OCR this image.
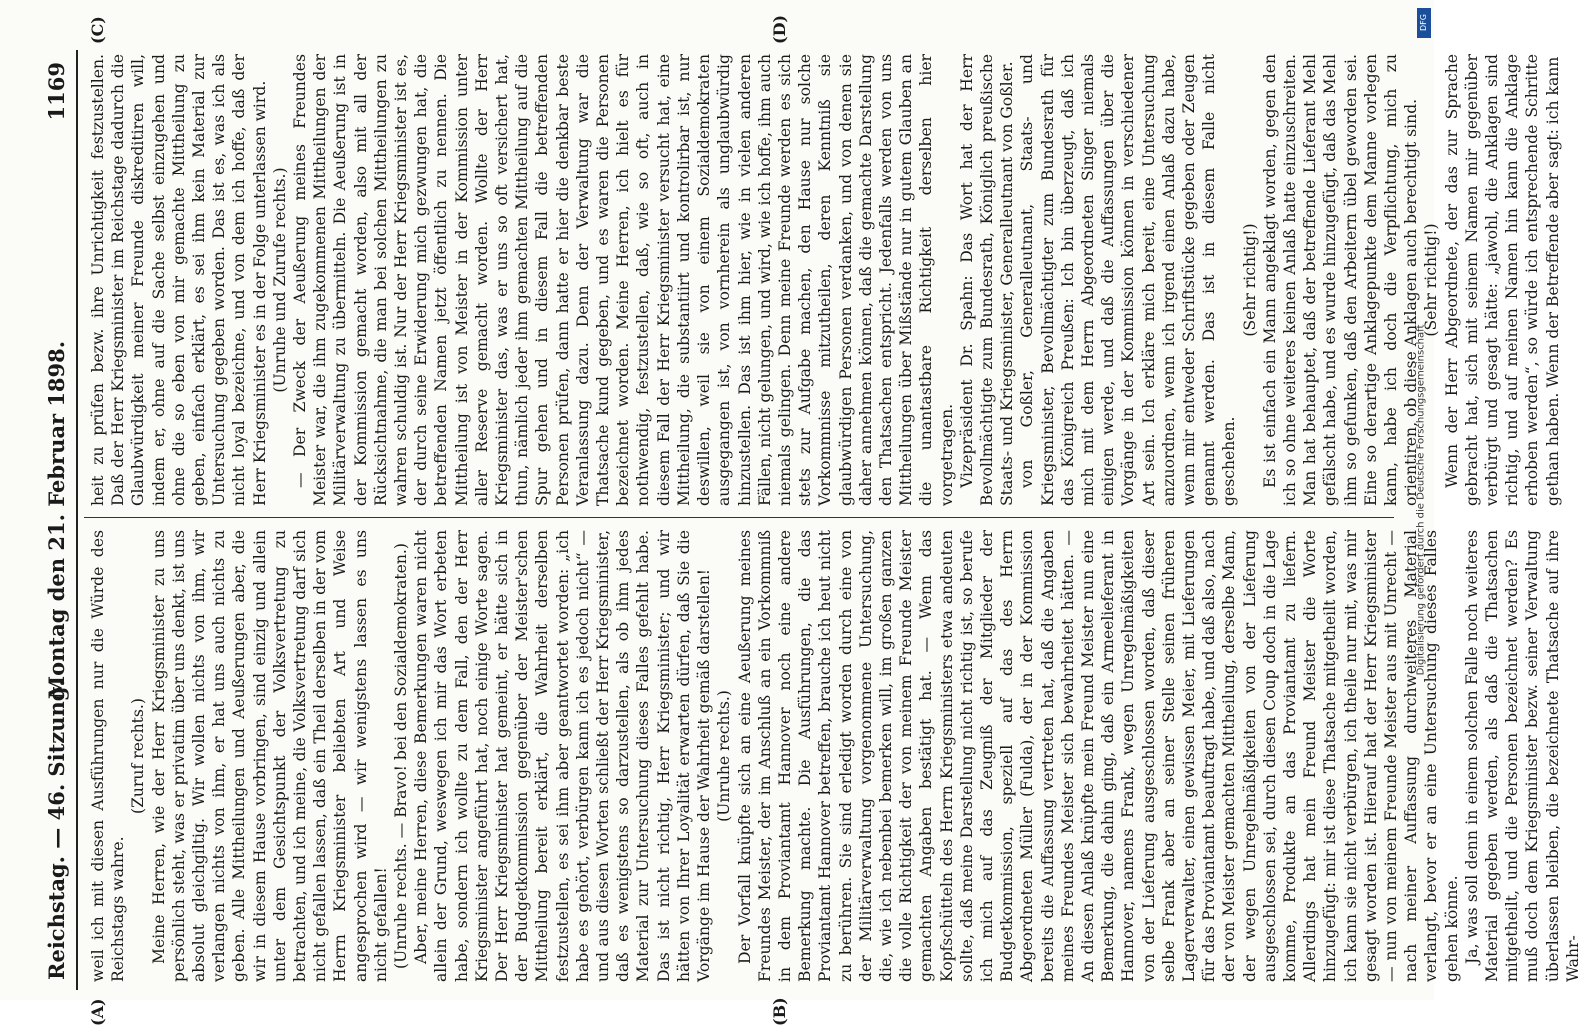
Reichstag. — 46. Sitzung.
Montag den 21. Februar 1898.
1169

weil ich mit diesen Ausführungen nur die Würde des Reichstags wahre.

(Zuruf rechts.) Meine Herren, wie der Herr Kriegsminister zu uns persönlich steht, was er privatim über uns denkt, ist uns absolut gleichgiltig. Wir wollen nichts von ihm, wir verlangen nichts von ihm, er hat uns auch nichts zu geben. Alle Mittheilungen und Aeußerungen aber, die wir in diesem Hause vorbringen, sind einzig und allein unter dem Gesichtspunkt der Volksvertretung zu betrachten, und ich meine, die Volksvertretung darf sich nicht gefallen lassen, daß ein Theil derselben in der vom Herrn Kriegsminister beliebten Art und Weise angesprochen wird — wir wenigstens lassen es uns nicht gefallen! (Unruhe rechts. — Bravo! bei den Sozialdemokraten.) Aber, meine Herren, diese Bemerkungen waren nicht allein der Grund, weswegen ich mir das Wort erbeten habe, sondern ich wollte zu dem Fall, den der Herr Kriegsminister angeführt hat, noch einige Worte sagen. Der Herr Kriegsminister hat gemeint, er hätte sich in der Budgetkommission gegenüber der Meister'schen Mittheilung bereit erklärt, die Wahrheit derselben festzustellen, es sei ihm aber geantwortet worden: „ich habe es gehört, verbürgen kann ich es jedoch nicht“ — und aus diesen Worten schließt der Herr Kriegsminister, daß es wenigstens so darzustellen, als ob ihm jedes Material zur Untersuchung dieses Falles gefehlt habe. Das ist nicht richtig, Herr Kriegsminister; und wir hätten von Ihrer Loyalität erwarten dürfen, daß Sie die Vorgänge im Hause der Wahrheit gemäß darstellen! (Unruhe rechts.) Der Vorfall knüpfte sich an eine Aeußerung meines Freundes Meister, der im Anschluß an ein Vorkommniß in dem Proviantamt Hannover noch eine andere Bemerkung machte. Die Ausführungen, die das Proviantamt Hannover betreffen, brauche ich heut nicht zu berühren. Sie sind erledigt worden durch eine von der Militärverwaltung vorgenommene Untersuchung, die, wie ich nebenbei bemerken will, im großen ganzen die volle Richtigkeit der von meinem Freunde Meister gemachten Angaben bestätigt hat. — Wenn das Kopfschütteln des Herrn Kriegsministers etwa andeuten sollte, daß meine Darstellung nicht richtig ist, so berufe ich mich auf das Zeugniß der Mitglieder der Budgetkommission, speziell auf das des Herrn Abgeordneten Müller (Fulda), der in der Kommission bereits die Auffassung vertreten hat, daß die Angaben meines Freundes Meister sich bewahrheitet hätten. — An diesen Anlaß knüpfte mein Freund Meister nun eine Bemerkung, die dahin ging, daß ein Armeelieferant in Hannover, namens Frank, wegen Unregelmäßigkeiten von der Lieferung ausgeschlossen worden, daß dieser selbe Frank aber an seiner Stelle seinen früheren Lagerverwalter, einen gewissen Meier, mit Lieferungen für das Proviantamt beauftragt habe, und daß also, nach der von Meister gemachten Mittheilung, derselbe Mann, der wegen Unregelmäßigkeiten von der Lieferung ausgeschlossen sei, durch diesen Coup doch in die Lage komme, Produkte an das Proviantamt zu liefern. Allerdings hat mein Freund Meister die Worte hinzugefügt: mir ist diese Thatsache mitgetheilt worden, ich kann sie nicht verbürgen, ich theile nur mit, was mir gesagt worden ist. Hierauf hat der Herr Kriegsminister — nun von meinem Freunde Meister aus mit Unrecht — nach meiner Auffassung durchweiteres Material verlangt, bevor er an eine Untersuchung dieses Falles gehen könne. Ja, was soll denn in einem solchen Falle noch weiteres Material gegeben werden, als daß die Thatsachen mitgetheilt, und die Personen bezeichnet werden? Es muß doch dem Kriegsminister bezw. seiner Verwaltung überlassen bleiben, die bezeichnete Thatsache auf ihre Wahr-

heit zu prüfen bezw. ihre Unrichtigkeit festzustellen. Daß der Herr Kriegsminister im Reichstage dadurch die Glaubwürdigkeit meiner Freunde diskreditiren will, indem er, ohne auf die Sache selbst einzugehen und ohne die so eben von mir gemachte Mittheilung zu geben, einfach erklärt, es sei ihm kein Material zur Untersuchung gegeben worden. Das ist es, was ich als nicht loyal bezeichne, und von dem ich hoffe, daß der Herr Kriegsminister es in der Folge unterlassen wird. (Unruhe und Zurufe rechts.) — Der Zweck der Aeußerung meines Freundes Meister war, die ihm zugekommenen Mittheilungen der Militärverwaltung zu übermitteln. Die Aeußerung ist in der Kommission gemacht worden, also mit all der Rücksichtnahme, die man bei solchen Mittheilungen zu wahren schuldig ist. Nur der Herr Kriegsminister ist es, der durch seine Erwiderung mich gezwungen hat, die betreffenden Namen jetzt öffentlich zu nennen. Die Mittheilung ist von Meister in der Kommission unter aller Reserve gemacht worden. Wollte der Herr Kriegsminister das, was er uns so oft versichert hat, thun, nämlich jeder ihm gemachten Mittheilung auf die Spur gehen und in diesem Fall die betreffenden Personen prüfen, dann hatte er hier die denkbar beste Veranlassung dazu. Denn der Verwaltung war die Thatsache kund gegeben, und es waren die Personen bezeichnet worden. Meine Herren, ich hielt es für nothwendig, festzustellen, daß, wie so oft, auch in diesem Fall der Herr Kriegsminister versucht hat, eine Mittheilung, die substantiirt und kontrolirbar ist, nur deswillen, weil sie von einem Sozialdemokraten ausgegangen ist, von vornherein als unglaubwürdig hinzustellen. Das ist ihm hier, wie in vielen anderen Fällen, nicht gelungen, und wird, wie ich hoffe, ihm auch niemals gelingen. Denn meine Freunde werden es sich stets zur Aufgabe machen, den Hause nur solche Vorkommnisse mitzutheilen, deren Kenntniß sie glaubwürdigen Personen verdanken, und von denen sie daher annehmen können, daß die gemachte Darstellung den Thatsachen entspricht. Jedenfalls werden von uns Mittheilungen über Mißstände nur in gutem Glauben an die unantastbare Richtigkeit derselben hier vorgetragen. Vizepräsident Dr. Spahn: Das Wort hat der Herr Bevollmächtigte zum Bundesrath, Königlich preußische Staats- und Kriegsminister, Generalleutnant von Goßler. von Goßler, Generalleutnant, Staats- und Kriegsminister, Bevollmächtigter zum Bundesrath für das Königreich Preußen: Ich bin überzeugt, daß ich mich mit dem Herrn Abgeordneten Singer niemals einigen werde, und daß die Auffassungen über die Vorgänge in der Kommission können in verschiedener Art sein. Ich erkläre mich bereit, eine Untersuchung anzuordnen, wenn ich irgend einen Anlaß dazu habe, wenn mir entweder Schriftstücke gegeben oder Zeugen genannt werden. Das ist in diesem Falle nicht geschehen.

(Sehr richtig!) Es ist einfach ein Mann angeklagt worden, gegen den ich so ohne weiteres keinen Anlaß hatte einzuschreiten. Man hat behauptet, daß der betreffende Lieferant Mehl gefälscht habe, und es wurde hinzugefügt, daß das Mehl ihm so gefunken, daß den Arbeitern übel geworden sei. Eine so derartige Anklagepunkte dem Manne vorlegen kann, habe ich doch die Verpflichtung, mich zu orientiren, ob diese Anklagen auch berechtigt sind. (Sehr richtig!) Wenn der Herr Abgeordnete, der das zur Sprache gebracht hat, sich mit seinem Namen mir gegenüber verbürgt und gesagt hätte: „jawohl, die Anklagen sind richtig, und auf meinen Namen hin kann die Anklage erhoben werden“, so würde ich entsprechende Schritte gethan haben. Wenn der Betreffende aber sagt: ich kann

(A)	(B)
(C)	(D)
Digitalisierung gefördert durch die Deutsche Forschungsgemeinschaft
DFG
